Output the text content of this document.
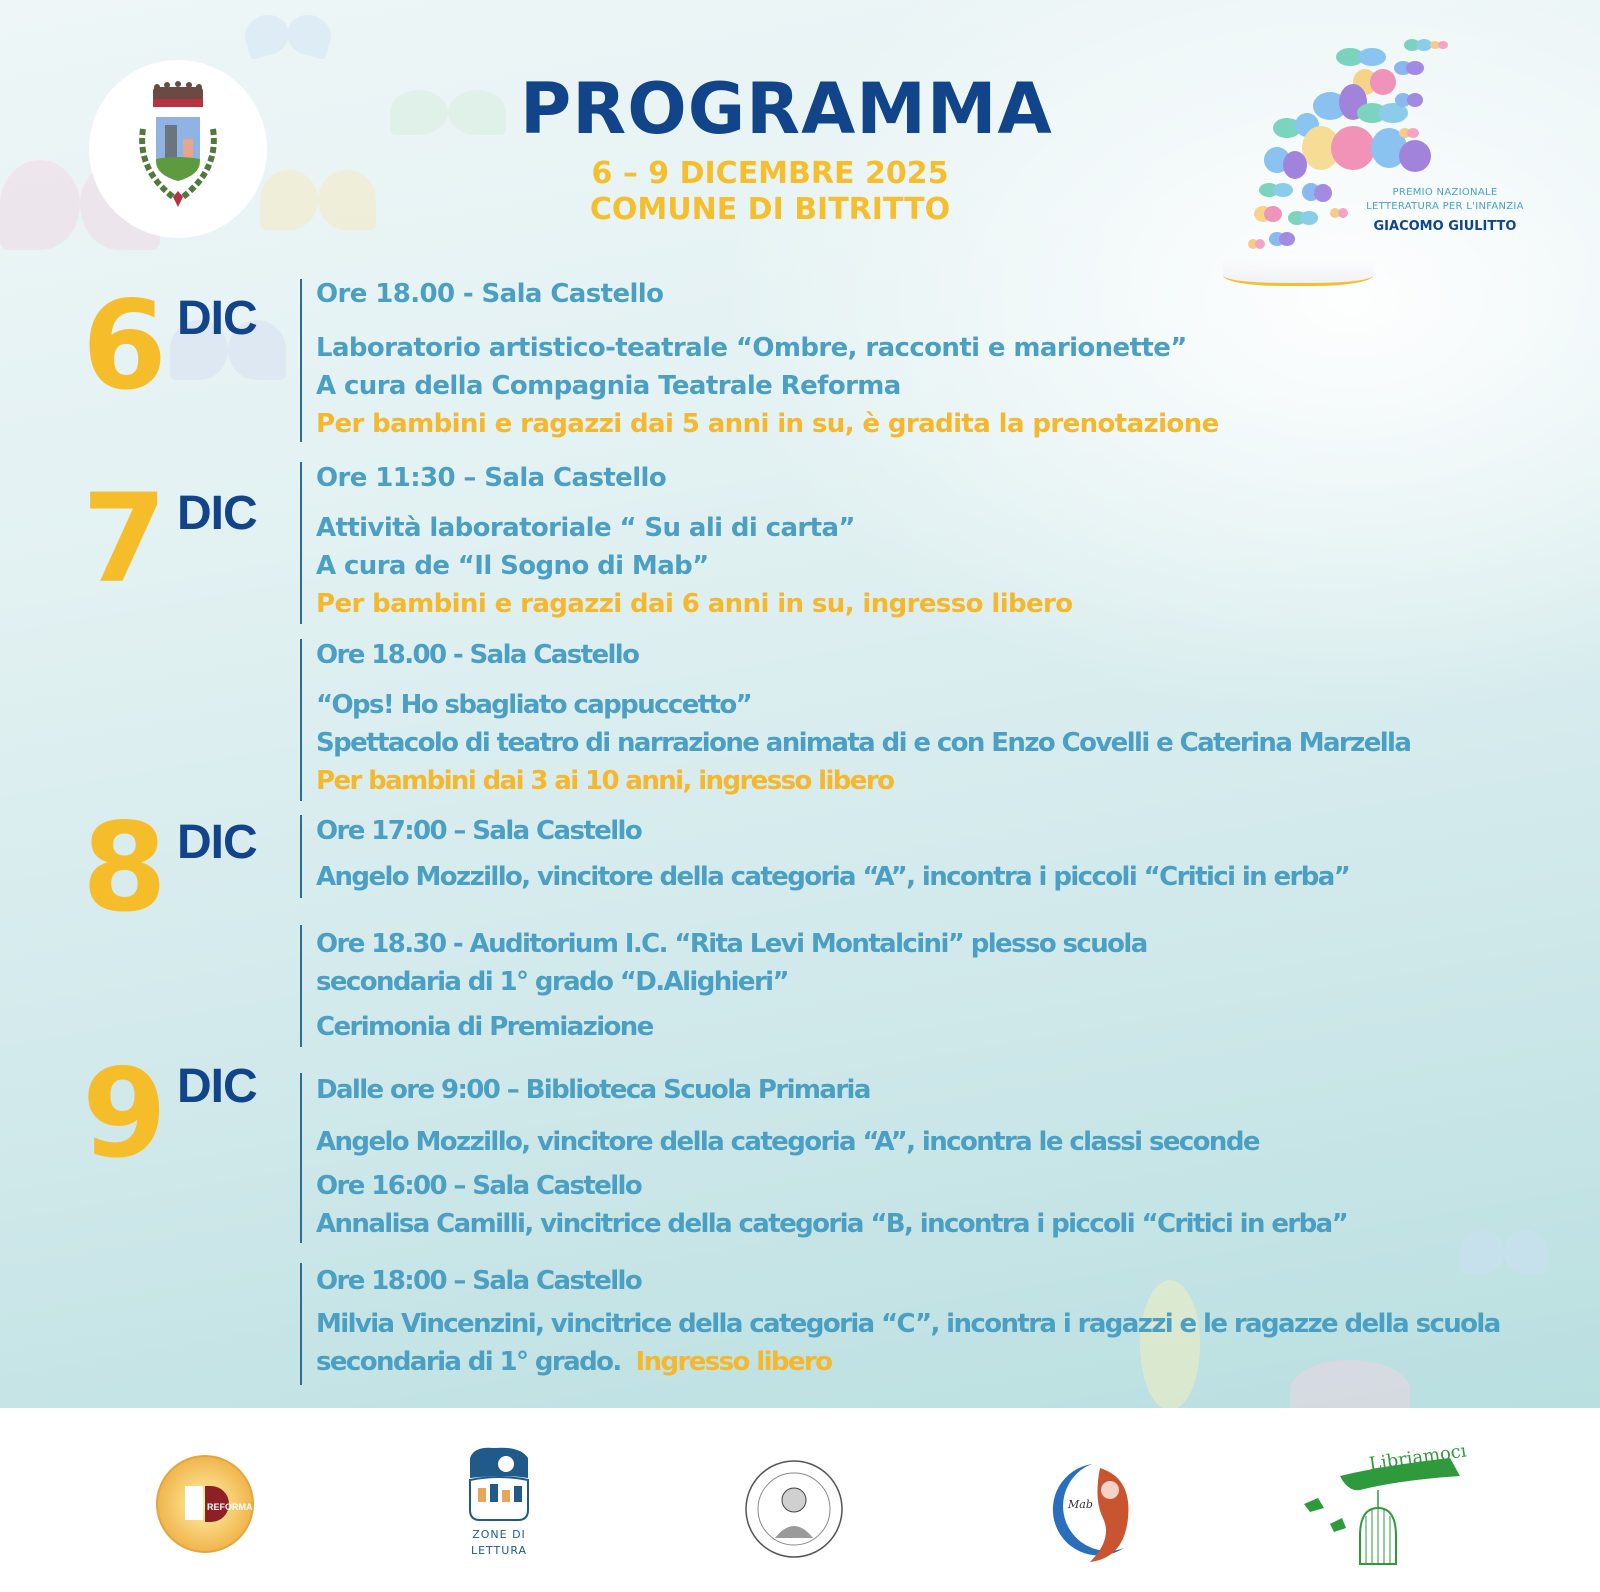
PROGRAMMA
6 – 9 DICEMBRE 2025
COMUNE DI BITRITTO	PREMIO NAZIONALE
LETTERATURA PER L'INFANZIA
GIACOMO GIULITTO
6 DIC
7 DIC
8 DIC
9 DIC
Ore 18.00 - Sala Castello
Laboratorio artistico-teatrale “Ombre, racconti e marionette”
A cura della Compagnia Teatrale Reforma
Per bambini e ragazzi dai 5 anni in su, è gradita la prenotazione
Ore 11:30 – Sala Castello
Attività laboratoriale “ Su ali di carta”
A cura de “Il Sogno di Mab”
Per bambini e ragazzi dai 6 anni in su, ingresso libero
Ore 18.00 - Sala Castello
“Ops! Ho sbagliato cappuccetto”
Spettacolo di teatro di narrazione animata di e con Enzo Covelli e Caterina Marzella
Per bambini dai 3 ai 10 anni, ingresso libero
Ore 17:00 – Sala Castello
Angelo Mozzillo, vincitore della categoria “A”, incontra i piccoli “Critici in erba”
Ore 18.30 - Auditorium I.C. “Rita Levi Montalcini” plesso scuola
secondaria di 1° grado “D.Alighieri”
Cerimonia di Premiazione
Dalle ore 9:00 – Biblioteca Scuola Primaria
Angelo Mozzillo, vincitore della categoria “A”, incontra le classi seconde
Ore 16:00 – Sala Castello
Annalisa Camilli, vincitrice della categoria “B, incontra i piccoli “Critici in erba”
Ore 18:00 – Sala Castello
Milvia Vincenzini, vincitrice della categoria “C”, incontra i ragazzi e le ragazze della scuola
secondaria di 1° grado. Ingresso libero
REFORMA
ZONE DI
LETTURA
Mab
Libriamoci
